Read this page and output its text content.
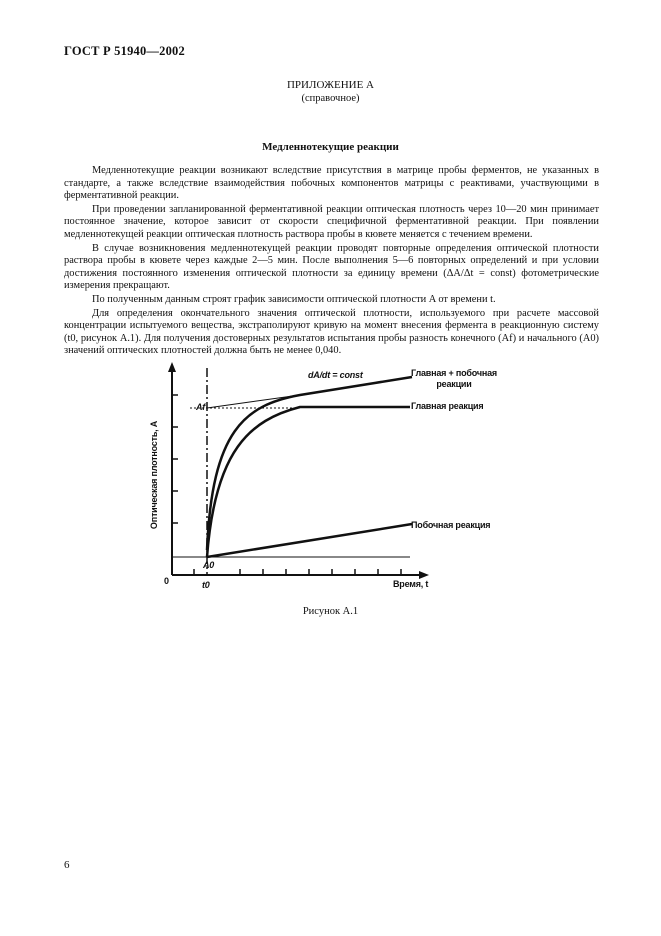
ГОСТ Р 51940—2002
ПРИЛОЖЕНИЕ А
(справочное)
Медленнотекущие реакции

Медленнотекущие реакции возникают вследствие присутствия в матрице пробы ферментов, не указанных в стандарте, а также вследствие взаимодействия побочных компонентов матрицы с реактивами, участвующими в ферментативной реакции.

При проведении запланированной ферментативной реакции оптическая плотность через 10—20 мин принимает постоянное значение, которое зависит от скорости специфичной ферментативной реакции. При появлении медленнотекущей реакции оптическая плотность раствора пробы в кювете меняется с течением времени.

В случае возникновения медленнотекущей реакции проводят повторные определения оптической плотности раствора пробы в кювете через каждые 2—5 мин. После выполнения 5—6 повторных определений и при условии достижения постоянного изменения оптической плотности за единицу времени (ΔA/Δt = const) фотометрические измерения прекращают.

По полученным данным строят график зависимости оптической плотности A от времени t.

Для определения окончательного значения оптической плотности, используемого при расчете массовой концентрации испытуемого вещества, экстраполируют кривую на момент внесения фермента в реакционную систему (t0, рисунок А.1). Для получения достоверных результатов испытания пробы разность конечного (Af) и начального (A0) значений оптических плотностей должна быть не менее 0,040.

Оптическая плотность, A
0	t0	Время, t
Af
A0
dA/dt = const	Главная + побочная
реакции
Главная реакция
Побочная реакция
Рисунок А.1
6
